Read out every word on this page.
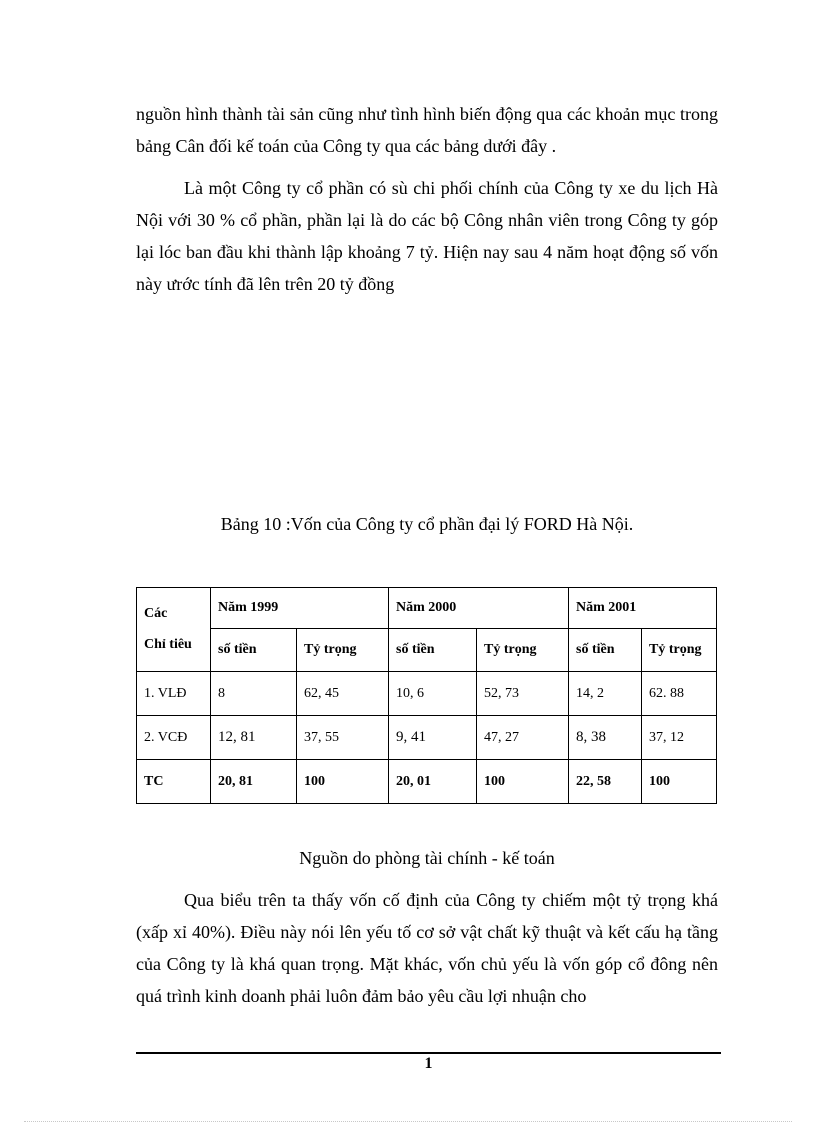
nguồn hình thành tài sản cũng như tình hình biến động qua các khoản mục trong bảng Cân đối kế toán của Công ty qua các bảng dưới đây .

Là một Công ty cổ phần có sù chi phối chính của Công ty xe du lịch Hà Nội với 30 % cổ phần, phần lại là do các bộ Công nhân viên trong Công ty góp lại lóc ban đầu khi thành lập khoảng 7 tỷ. Hiện nay sau 4 năm hoạt động số vốn này ưrớc tính đã lên trên 20 tỷ đồng

Bảng 10 :Vốn của Công ty cổ phần đại lý FORD Hà Nội.

Các
Chỉ tiêu	Năm 1999		Năm 2000		Năm 2001	
	số tiền	Tỷ trọng	số tiền	Tỷ trọng	số tiền	Tỷ trọng
1. VLĐ	8	62, 45	10, 6	52, 73	14, 2	62. 88
2. VCĐ	12, 81	37, 55	9, 41	47, 27	8, 38	37, 12
TC	20, 81	100	20, 01	100	22, 58	100

Nguồn do phòng tài chính - kế toán

Qua biểu trên ta thấy vốn cố định của Công ty chiếm một tỷ trọng khá (xấp xỉ 40%). Điều này nói lên yếu tố cơ sở vật chất kỹ thuật và kết cấu hạ tầng của Công ty là khá quan trọng. Mặt khác, vốn chủ yếu là vốn góp cổ đông nên quá trình kinh doanh phải luôn đảm bảo yêu cầu lợi nhuận cho

1
